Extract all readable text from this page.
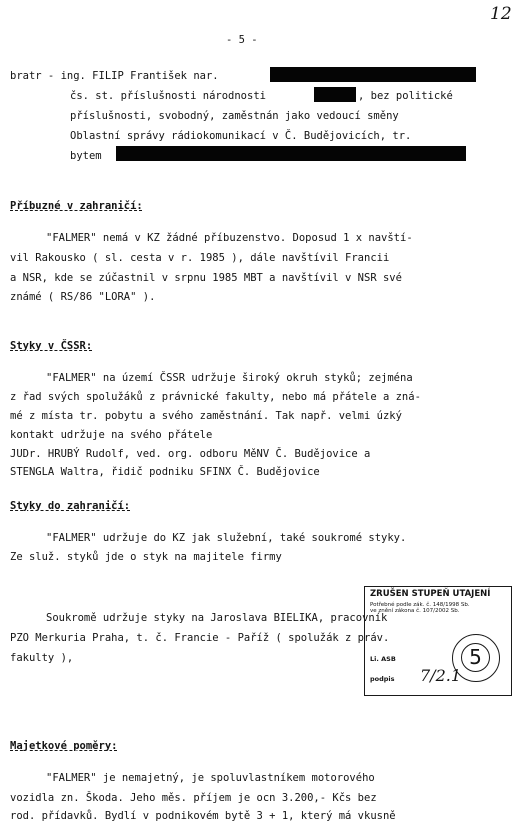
12
- 5 -
bratr - ing. FILIP František nar.
čs. st. příslušnosti národnosti	, bez politické
příslušnosti, svobodný, zaměstnán jako vedoucí směny
Oblastní správy rádiokomunikací v Č. Budějovicích, tr.
bytem
Příbuzné v zahraničí:
"FALMER" nemá v KZ žádné příbuzenstvo. Doposud 1 x navští-
vil Rakousko ( sl. cesta v r. 1985 ), dále navštívil Francii
a NSR, kde se zúčastnil v srpnu 1985 MBT a navštívil v NSR své
známé ( RS/86 "LORA" ).
Styky v ČSSR:
"FALMER" na území ČSSR udržuje široký okruh styků; zejména
z řad svých spolužáků z právnické fakulty, nebo má přátele a zná-
mé z místa tr. pobytu a svého zaměstnání. Tak např. velmi úzký
kontakt udržuje na svého přátele
JUDr. HRUBÝ Rudolf, ved. org. odboru MěNV Č. Budějovice a
STENGLA Waltra, řidič podniku SFINX Č. Budějovice
Styky do zahraničí:
"FALMER" udržuje do KZ jak služební, také soukromé styky.
Ze služ. styků jde o styk na majitele firmy
Soukromě udržuje styky na Jaroslava BIELIKA, pracovník
PZO Merkuria Praha, t. č. Francie - Paříž ( spolužák z práv.
fakulty ),
ZRUŠEN STUPEŇ UTAJENÍ
Potřebné podle zák. č. 148/1998 Sb.
ve znění zákona č. 107/2002 Sb.
Li. ASB
podpis
5
7/2.1
Majetkové poměry:
"FALMER" je nemajetný, je spoluvlastníkem motorového
vozidla zn. Škoda. Jeho měs. příjem je ocn 3.200,- Kčs bez
rod. přídavků. Bydlí v podnikovém bytě 3 + 1, který má vkusně
